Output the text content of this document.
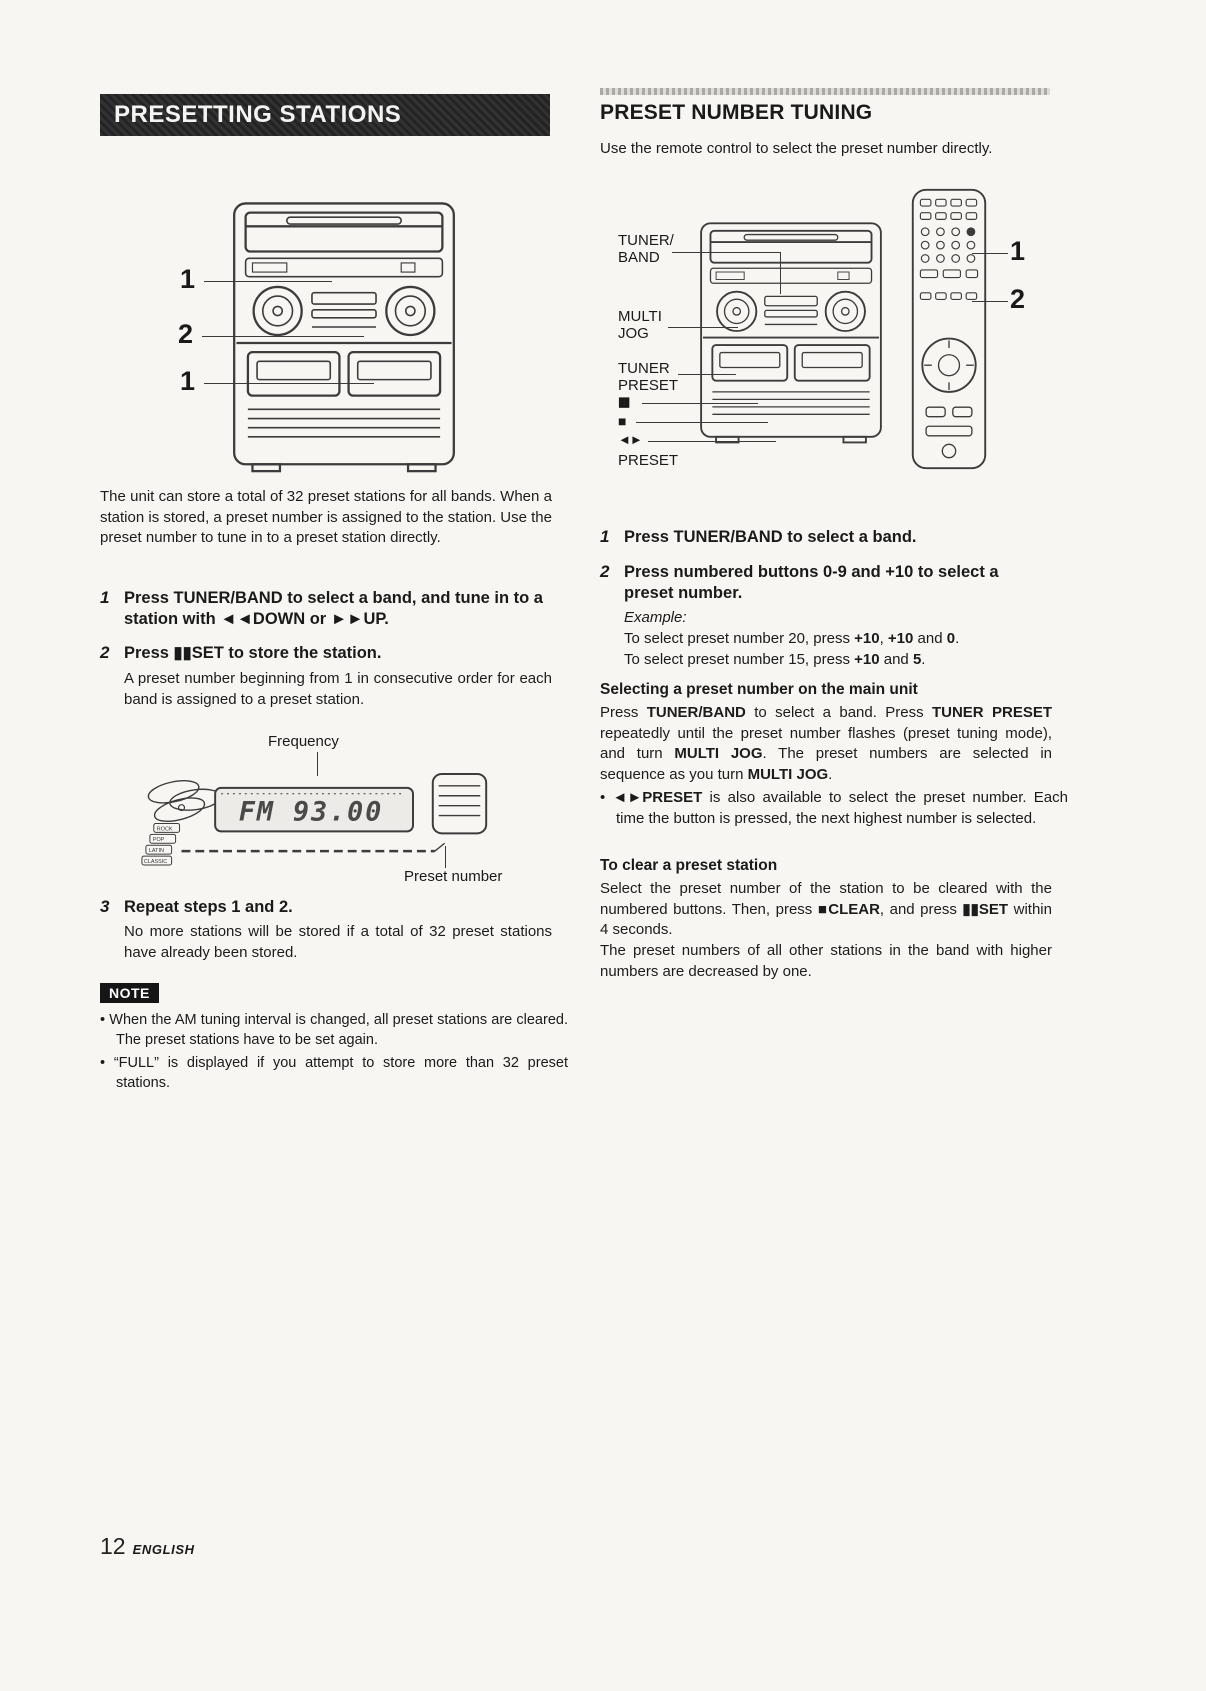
PRESETTING STATIONS
1
2
1
The unit can store a total of 32 preset stations for all bands. When a station is stored, a preset number is assigned to the station. Use the preset number to tune in to a preset station directly.
1 Press TUNER/BAND to select a band, and tune in to a station with ◄◄DOWN or ►►UP.
2 Press ▮▮SET to store the station.
A preset number beginning from 1 in consecutive order for each band is assigned to a preset station.
Frequency
FM 93.00
ROCK
POP
LATIN
CLASSIC
Preset number
3 Repeat steps 1 and 2.
No more stations will be stored if a total of 32 preset stations have already been stored.
NOTE
• When the AM tuning interval is changed, all preset stations are cleared. The preset stations have to be set again.
• “FULL” is displayed if you attempt to store more than 32 preset stations.
12 ENGLISH
PRESET NUMBER TUNING
Use the remote control to select the preset number directly.
TUNER/
BAND
MULTI
JOG
TUNER
PRESET
▮▮
■
◄►
PRESET
1
2
1 Press TUNER/BAND to select a band.
2 Press numbered buttons 0-9 and +10 to select a preset number.
Example:
To select preset number 20, press +10, +10 and 0.
To select preset number 15, press +10 and 5.
Selecting a preset number on the main unit
Press TUNER/BAND to select a band. Press TUNER PRESET repeatedly until the preset number flashes (preset tuning mode), and turn MULTI JOG. The preset numbers are selected in sequence as you turn MULTI JOG.
• ◄►PRESET is also available to select the preset number. Each time the button is pressed, the next highest number is selected.
To clear a preset station
Select the preset number of the station to be cleared with the numbered buttons. Then, press ■CLEAR, and press ▮▮SET within 4 seconds.
The preset numbers of all other stations in the band with higher numbers are decreased by one.
